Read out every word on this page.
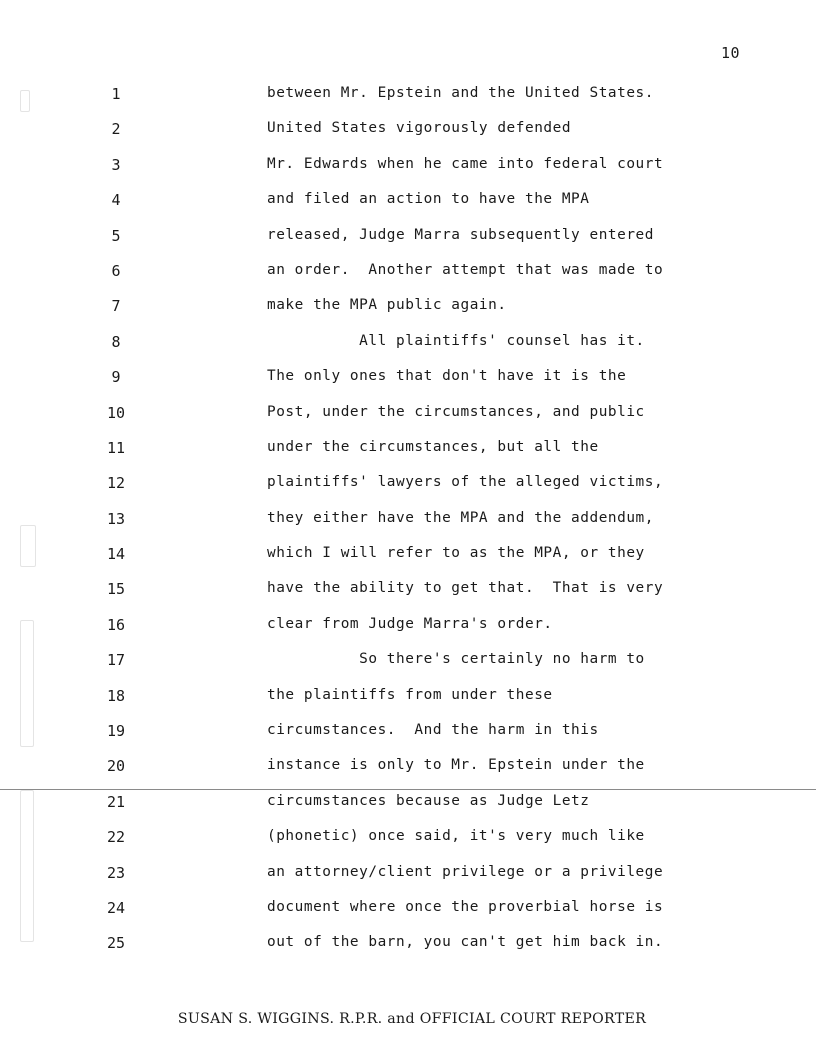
10
1	between Mr. Epstein and the United States.
2	United States vigorously defended
3	Mr. Edwards when he came into federal court
4	and filed an action to have the MPA
5	released, Judge Marra subsequently entered
6	an order.  Another attempt that was made to
7	make the MPA public again.
8	All plaintiffs' counsel has it.
9	The only ones that don't have it is the
10	Post, under the circumstances, and public
11	under the circumstances, but all the
12	plaintiffs' lawyers of the alleged victims,
13	they either have the MPA and the addendum,
14	which I will refer to as the MPA, or they
15	have the ability to get that.  That is very
16	clear from Judge Marra's order.
17	So there's certainly no harm to
18	the plaintiffs from under these
19	circumstances.  And the harm in this
20	instance is only to Mr. Epstein under the
21	circumstances because as Judge Letz
22	(phonetic) once said, it's very much like
23	an attorney/client privilege or a privilege
24	document where once the proverbial horse is
25	out of the barn, you can't get him back in.
SUSAN S. WIGGINS. R.P.R. and OFFICIAL COURT REPORTER
